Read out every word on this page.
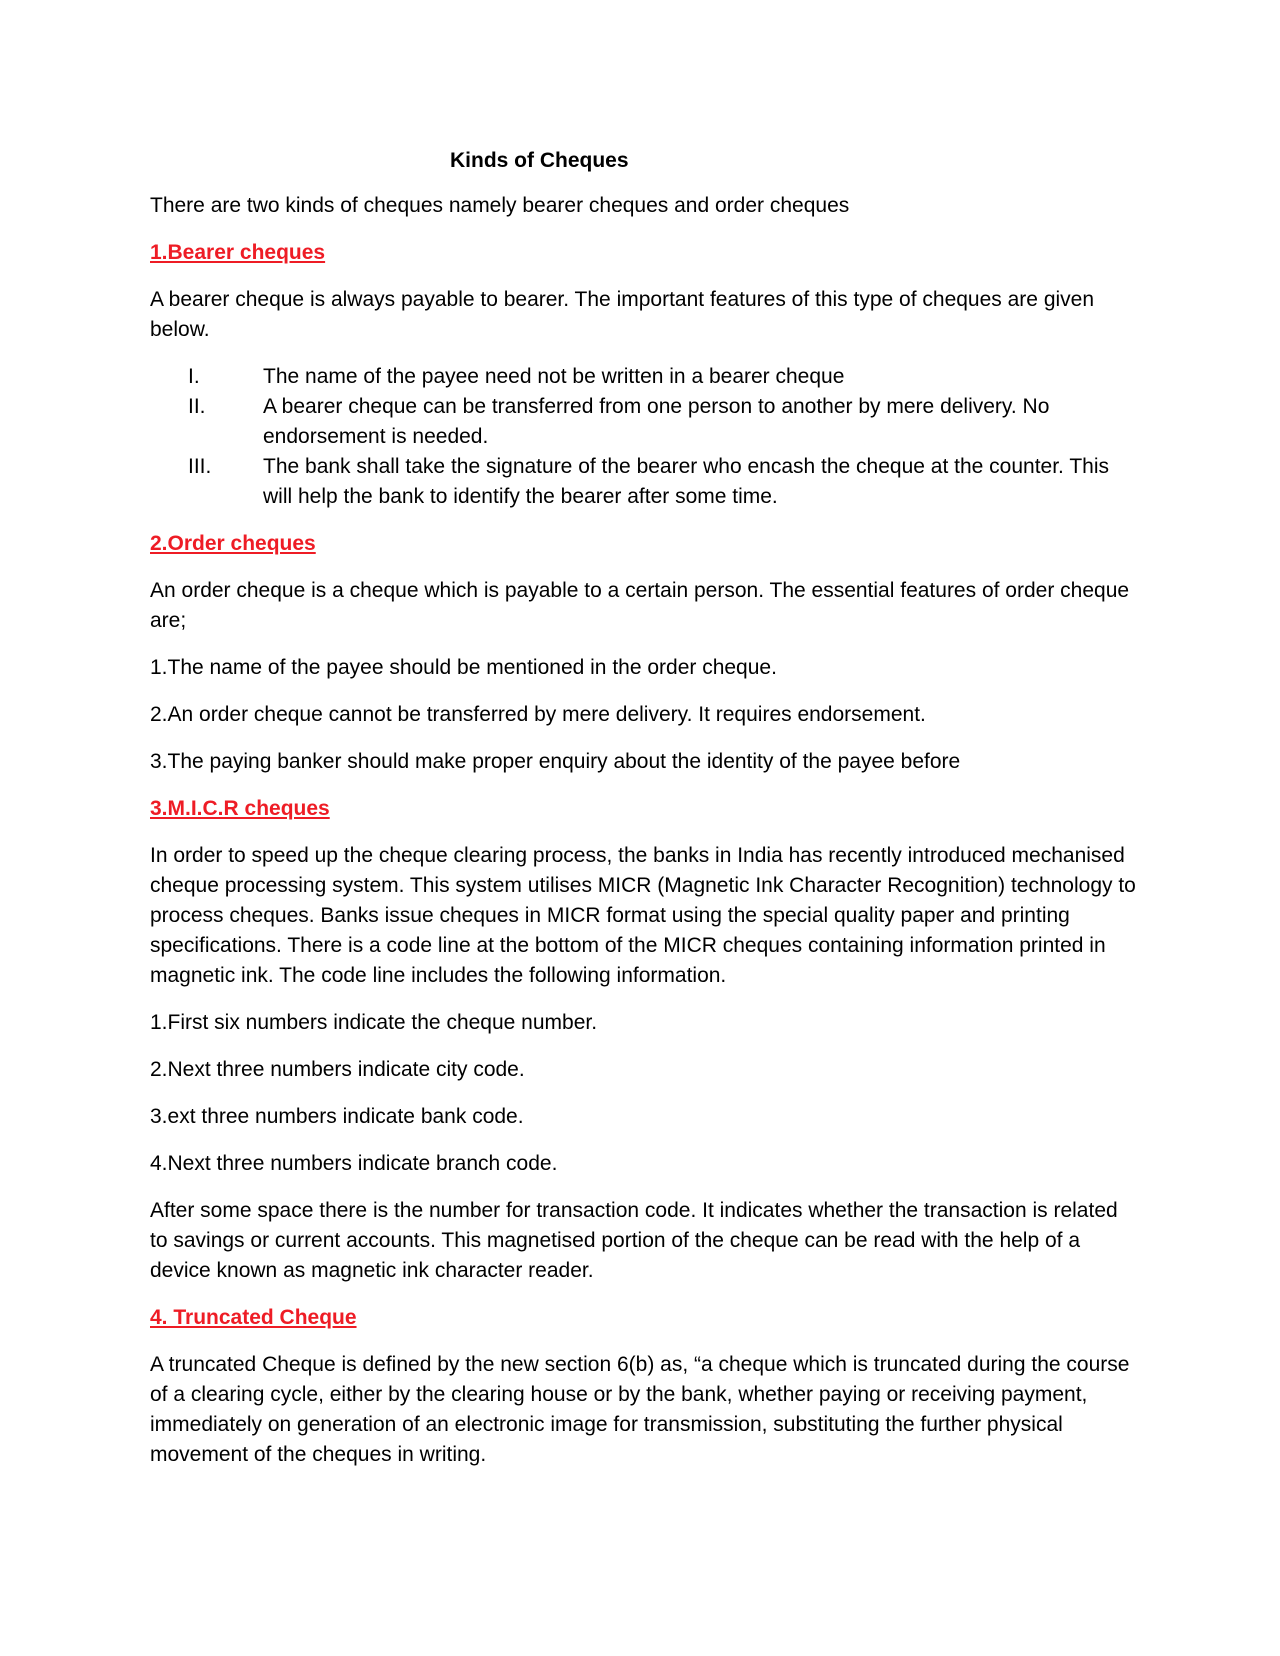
Kinds of Cheques

There are two kinds of cheques namely bearer cheques and order cheques

1.Bearer cheques

A bearer cheque is always payable to bearer. The important features of this type of cheques are given below.

I.	The name of the payee need not be written in a bearer cheque
II.	A bearer cheque can be transferred from one person to another by mere delivery. No endorsement is needed.
III. The bank shall take the signature of the bearer who encash the cheque at the counter. This will help the bank to identify the bearer after some time.
2.Order cheques

An order cheque is a cheque which is payable to a certain person. The essential features of order cheque are;

1.The name of the payee should be mentioned in the order cheque.

2.An order cheque cannot be transferred by mere delivery. It requires endorsement.

3.The paying banker should make proper enquiry about the identity of the payee before

3.M.I.C.R cheques

In order to speed up the cheque clearing process, the banks in India has recently introduced mechanised cheque processing system. This system utilises MICR (Magnetic Ink Character Recognition) technology to process cheques. Banks issue cheques in MICR format using the special quality paper and printing specifications. There is a code line at the bottom of the MICR cheques containing information printed in magnetic ink. The code line includes the following information.

1.First six numbers indicate the cheque number.

2.Next three numbers indicate city code.

3.ext three numbers indicate bank code.

4.Next three numbers indicate branch code.

After some space there is the number for transaction code. It indicates whether the transaction is related to savings or current accounts. This magnetised portion of the cheque can be read with the help of a device known as magnetic ink character reader.

4. Truncated Cheque

A truncated Cheque is defined by the new section 6(b) as, “a cheque which is truncated during the course of a clearing cycle, either by the clearing house or by the bank, whether paying or receiving payment, immediately on generation of an electronic image for transmission, substituting the further physical movement of the cheques in writing.
